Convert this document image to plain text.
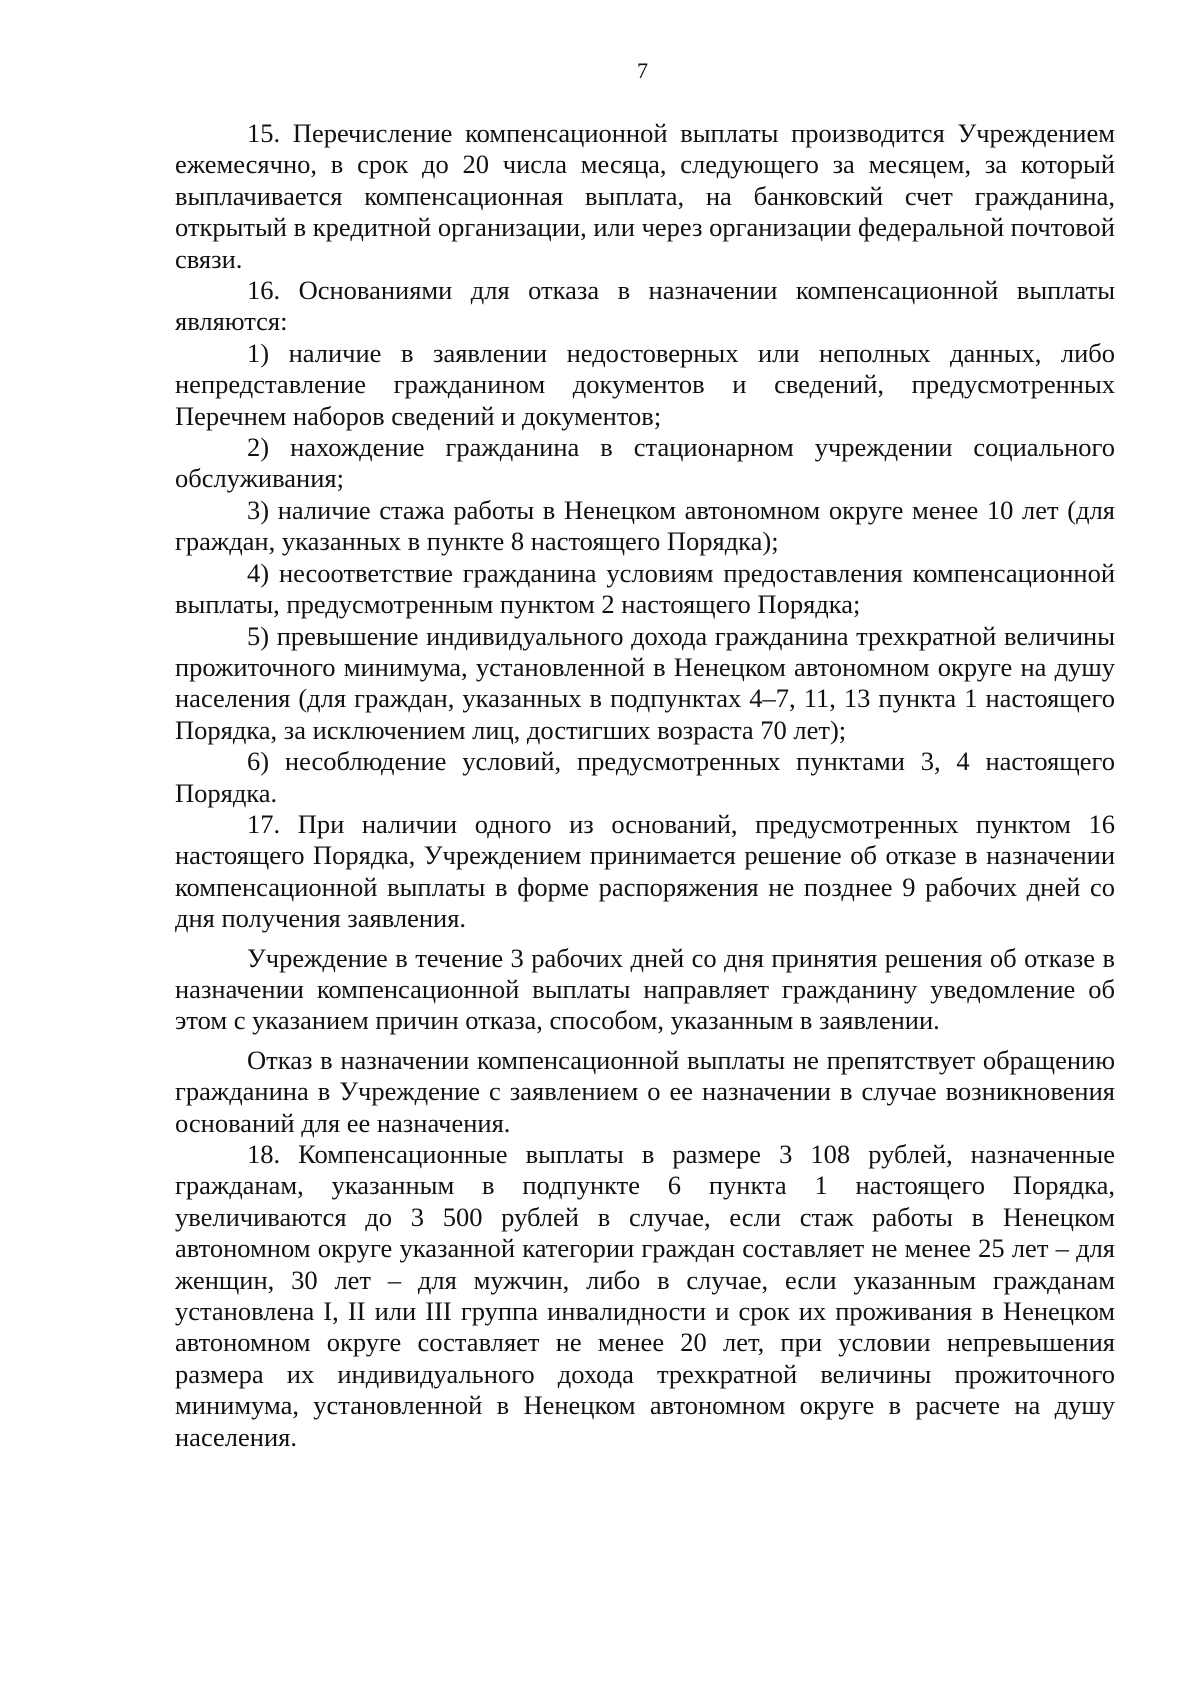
7

15. Перечисление компенсационной выплаты производится Учреждением ежемесячно, в срок до 20 числа месяца, следующего за месяцем, за который выплачивается компенсационная выплата, на банковский счет гражданина, открытый в кредитной организации, или через организации федеральной почтовой связи.

16. Основаниями для отказа в назначении компенсационной выплаты являются:

1) наличие в заявлении недостоверных или неполных данных, либо непредставление гражданином документов и сведений, предусмотренных Перечнем наборов сведений и документов;

2) нахождение гражданина в стационарном учреждении социального обслуживания;

3) наличие стажа работы в Ненецком автономном округе менее 10 лет (для граждан, указанных в пункте 8 настоящего Порядка);

4) несоответствие гражданина условиям предоставления компенсационной выплаты, предусмотренным пунктом 2 настоящего Порядка;

5) превышение индивидуального дохода гражданина трехкратной величины прожиточного минимума, установленной в Ненецком автономном округе на душу населения (для граждан, указанных в подпунктах 4–7, 11, 13 пункта 1 настоящего Порядка, за исключением лиц, достигших возраста 70 лет);

6) несоблюдение условий, предусмотренных пунктами 3, 4 настоящего Порядка.

17. При наличии одного из оснований, предусмотренных пунктом 16 настоящего Порядка, Учреждением принимается решение об отказе в назначении компенсационной выплаты в форме распоряжения не позднее 9 рабочих дней со дня получения заявления.

Учреждение в течение 3 рабочих дней со дня принятия решения об отказе в назначении компенсационной выплаты направляет гражданину уведомление об этом с указанием причин отказа, способом, указанным в заявлении.

Отказ в назначении компенсационной выплаты не препятствует обращению гражданина в Учреждение с заявлением о ее назначении в случае возникновения оснований для ее назначения.

18. Компенсационные выплаты в размере 3 108 рублей, назначенные гражданам, указанным в подпункте 6 пункта 1 настоящего Порядка, увеличиваются до 3 500 рублей в случае, если стаж работы в Ненецком автономном округе указанной категории граждан составляет не менее 25 лет – для женщин, 30 лет – для мужчин, либо в случае, если указанным гражданам установлена I, II или III группа инвалидности и срок их проживания в Ненецком автономном округе составляет не менее 20 лет, при условии непревышения размера их индивидуального дохода трехкратной величины прожиточного минимума, установленной в Ненецком автономном округе в расчете на душу населения.
